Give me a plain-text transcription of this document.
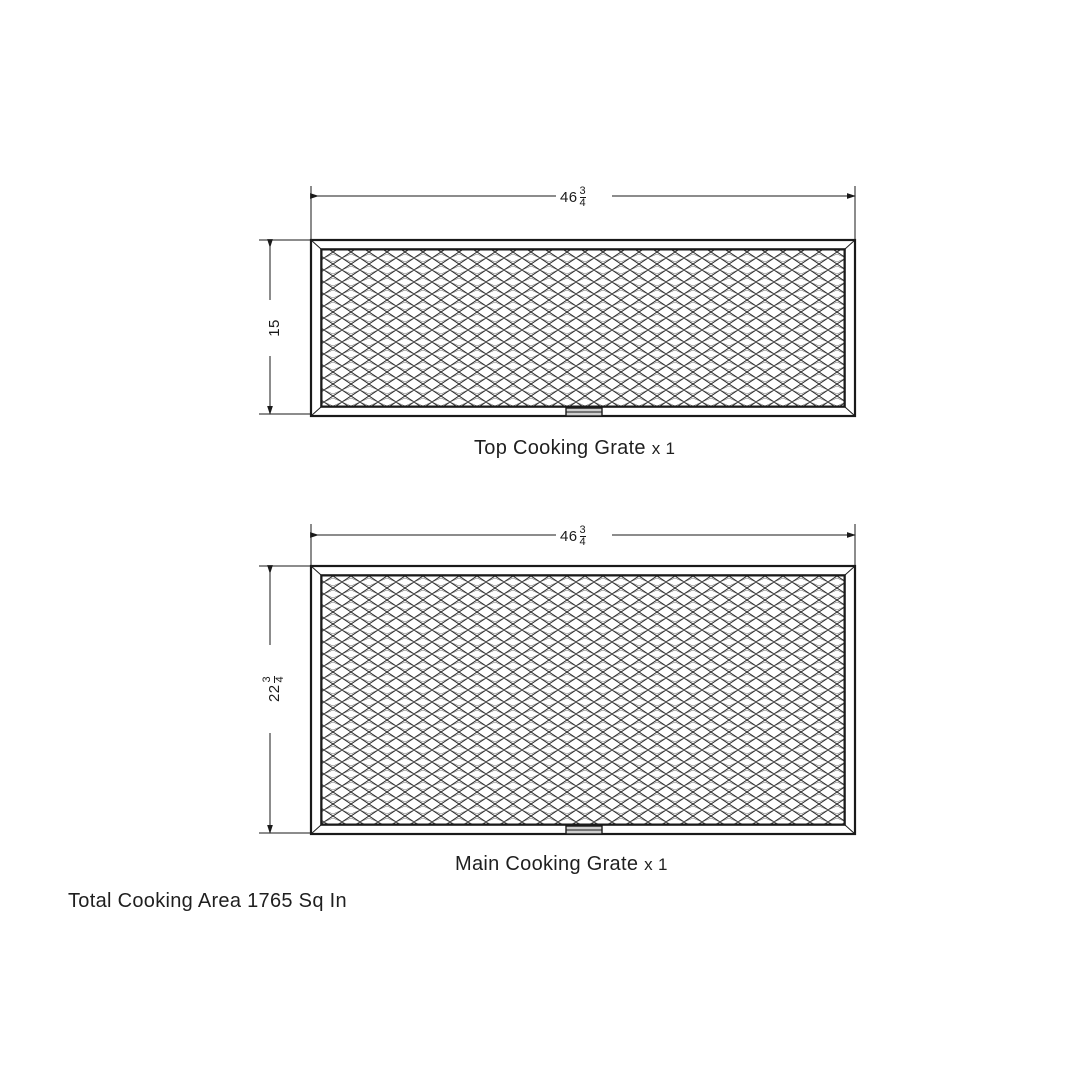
$46 \frac{3}{4}$
15
Top Cooking Grate x 1
$46 \frac{3}{4}$
22
3 4
Main Cooking Grate x 1
Total Cooking Area 1765 Sq In
